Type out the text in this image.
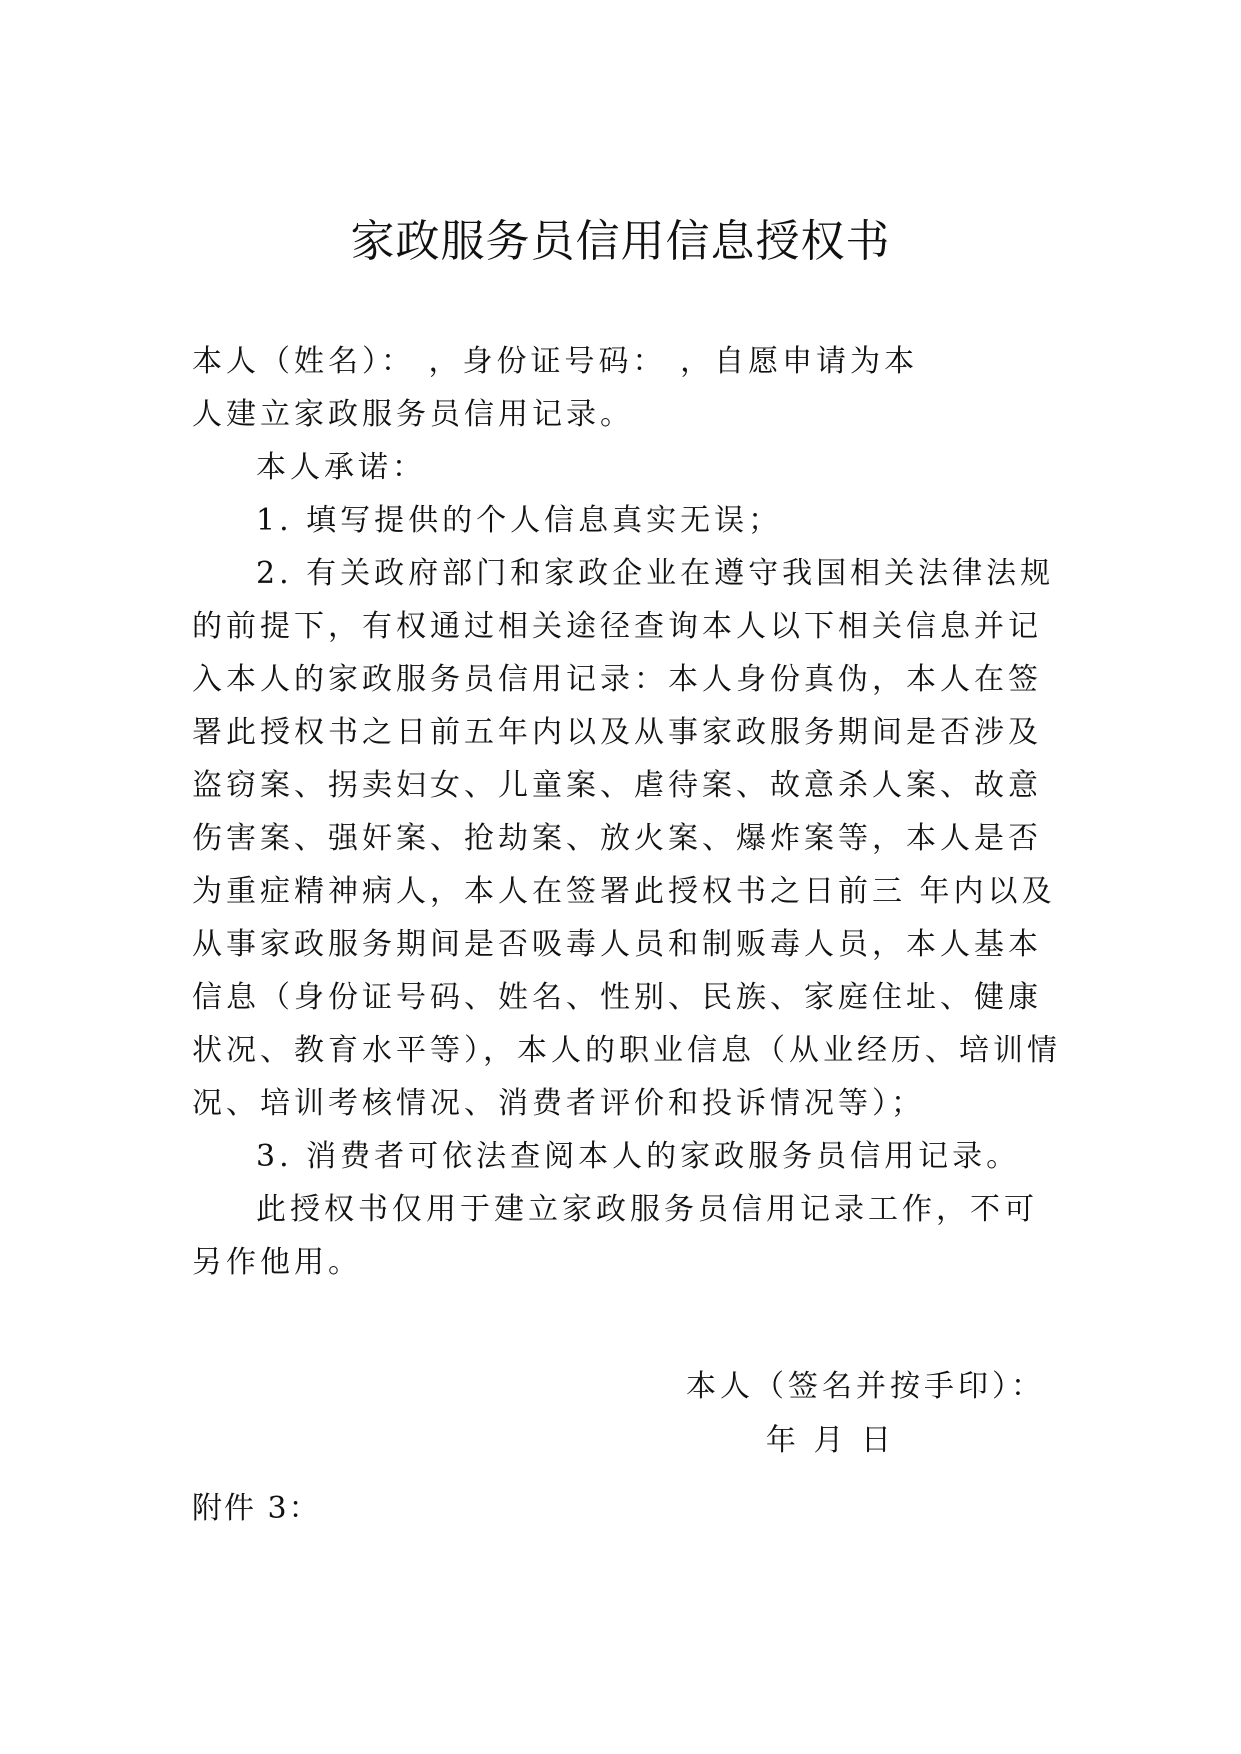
家政服务员信用信息授权书

本人（姓名）： ，身份证号码： ，自愿申请为本

人建立家政服务员信用记录。

本人承诺：

1. 填写提供的个人信息真实无误；

2. 有关政府部门和家政企业在遵守我国相关法律法规的前提下，有权通过相关途径查询本人以下相关信息并记入本人的家政服务员信用记录：本人身份真伪，本人在签署此授权书之日前五年内以及从事家政服务期间是否涉及盗窃案、拐卖妇女、儿童案、虐待案、故意杀人案、故意伤害案、强奸案、抢劫案、放火案、爆炸案等，本人是否为重症精神病人，本人在签署此授权书之日前三 年内以及从事家政服务期间是否吸毒人员和制贩毒人员，本人基本信息（身份证号码、姓名、性别、民族、家庭住址、健康状况、教育水平等），本人的职业信息（从业经历、培训情况、培训考核情况、消费者评价和投诉情况等）；

3. 消费者可依法查阅本人的家政服务员信用记录。

此授权书仅用于建立家政服务员信用记录工作，不可另作他用。

本人（签名并按手印）：

年 月 日

附件 3：
